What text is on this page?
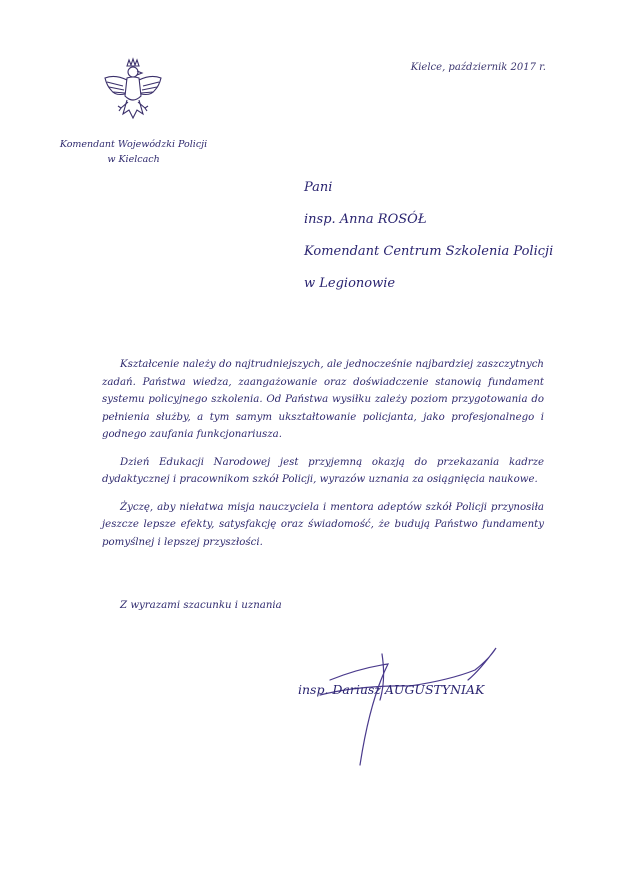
Komendant Wojewódzki Policji
w Kielcach
Kielce, październik 2017 r.
Pani
insp. Anna ROSÓŁ
Komendant Centrum Szkolenia Policji
w Legionowie

Kształcenie należy do najtrudniejszych, ale jednocześnie najbardziej zaszczytnych zadań. Państwa wiedza, zaangażowanie oraz doświadczenie stanowią fundament systemu policyjnego szkolenia. Od Państwa wysiłku zależy poziom przygotowania do pełnienia służby, a tym samym ukształtowanie policjanta, jako profesjonalnego i godnego zaufania funkcjonariusza.

Dzień Edukacji Narodowej jest przyjemną okazją do przekazania kadrze dydaktycznej i pracownikom szkół Policji, wyrazów uznania za osiągnięcia naukowe.

Życzę, aby niełatwa misja nauczyciela i mentora adeptów szkół Policji przynosiła jeszcze lepsze efekty, satysfakcję oraz świadomość, że budują Państwo fundamenty pomyślnej i lepszej przyszłości.

Z wyrazami szacunku i uznania
insp. Dariusz AUGUSTYNIAK
